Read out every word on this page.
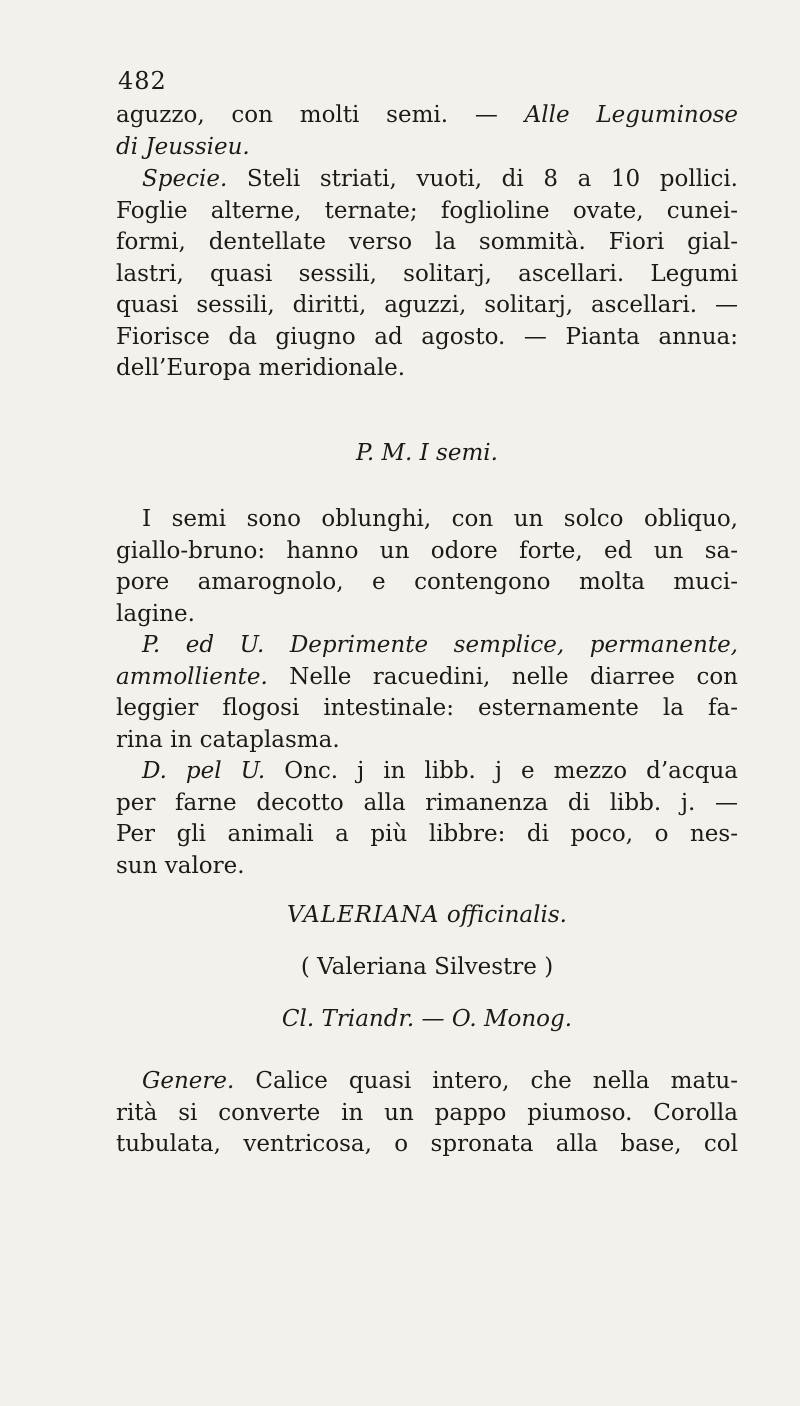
482
aguzzo, con molti semi. — Alle Leguminose
di Jeussieu.
Specie. Steli striati, vuoti, di 8 a 10 pollici.
Foglie alterne, ternate; foglioline ovate, cunei-
formi, dentellate verso la sommità. Fiori gial-
lastri, quasi sessili, solitarj, ascellari. Legumi
quasi sessili, diritti, aguzzi, solitarj, ascellari. —
Fiorisce da giugno ad agosto. — Pianta annua:
dell’Europa meridionale.
P. M. I semi.
I semi sono oblunghi, con un solco obliquo,
giallo-bruno: hanno un odore forte, ed un sa-
pore amarognolo, e contengono molta muci-
lagine.
P. ed U. Deprimente semplice, permanente,
ammolliente. Nelle racuedini, nelle diarree con
leggier flogosi intestinale: esternamente la fa-
rina in cataplasma.
D. pel U. Onc. j in libb. j e mezzo d’acqua
per farne decotto alla rimanenza di libb. j. —
Per gli animali a più libbre: di poco, o nes-
sun valore.
VALERIANA officinalis.
( Valeriana Silvestre )
Cl. Triandr. — O. Monog.
Genere. Calice quasi intero, che nella matu-
rità si converte in un pappo piumoso. Corolla
tubulata, ventricosa, o spronata alla base, col
